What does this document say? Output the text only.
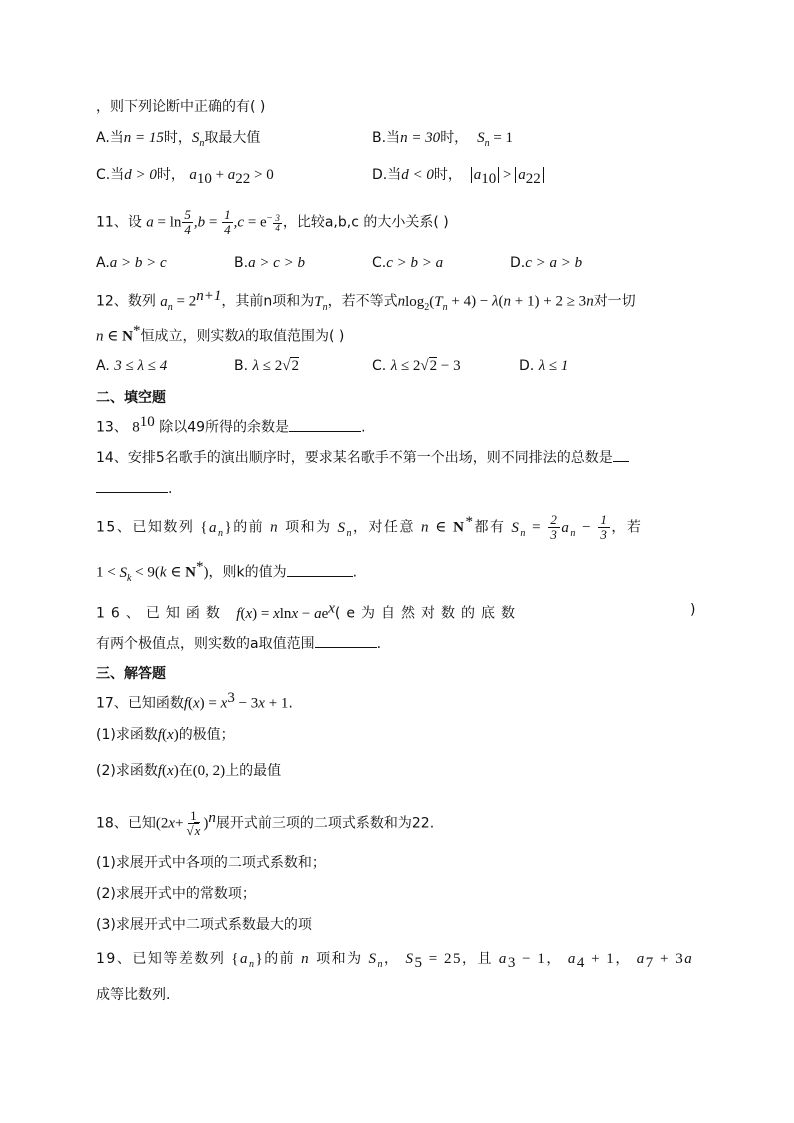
，则下列论断中正确的有( )
A.当n = 15时，$S_n$取最大值	B.当n = 30时， $S_n = 1$
C.当d > 0时， $a_{10} + a_{22} > 0$	D.当d < 0时， $a_{10} > a_{22}$
11、设 $a = \ln \frac{5}{4} ,b = \frac{1}{4} ,c = e^- \frac{3}{4}$ ，比较a,b,c 的大小关系( )
A.a > b > c	B.a > c > b	C.c > b > a	D.c > a > b
12、数列 $a_n = 2^{n+1}$，其前n项和为$T_n$，若不等式$nlog_2(T_n + 4) - \lambda(n + 1) + 2 \ge 3n$对一切
n ∈ N*恒成立，则实数λ的取值范围为( )
A. 3 ≤ λ ≤ 4	B. λ ≤ 2√2	C. λ ≤ 2√2 − 3	D. λ ≤ 1
二、填空题
13、 $8^{10}$ 除以49所得的余数是	.
14、安排5名歌手的演出顺序时，要求某名歌手不第一个出场，则不同排法的总数是
.
15、已知数列 $\{a_n\}$的前 n 项和为 $S_n$，对任意 n ∈ N*都有 $S_n = \frac{2}{3} a_n - \frac{1}{3}$ ，若
$1 < S_k < 9(k$ ∈ N*)，则k的值为	.
16、已知函数 $f(x) = xlnx - ae^x(e$为自然对数的底数	)
有两个极值点，则实数的a取值范围	.
三、解答题
17、已知函数$f(x) = x^3 - 3x + 1$.
(1)求函数f(x)的极值；
(2)求函数f(x)在(0, 2)上的最值
18、已知$(2x+ \frac{1}{√x} )^n$展开式前三项的二项式系数和为22.
(1)求展开式中各项的二项式系数和；
(2)求展开式中的常数项；
(3)求展开式中二项式系数最大的项
19、已知等差数列 $\{a_n\}$的前 n 项和为 $S_n$， $S_5 = 25$，且 $a_3 - 1$， $a_4 + 1$， $a_7 + 3a$
成等比数列.
